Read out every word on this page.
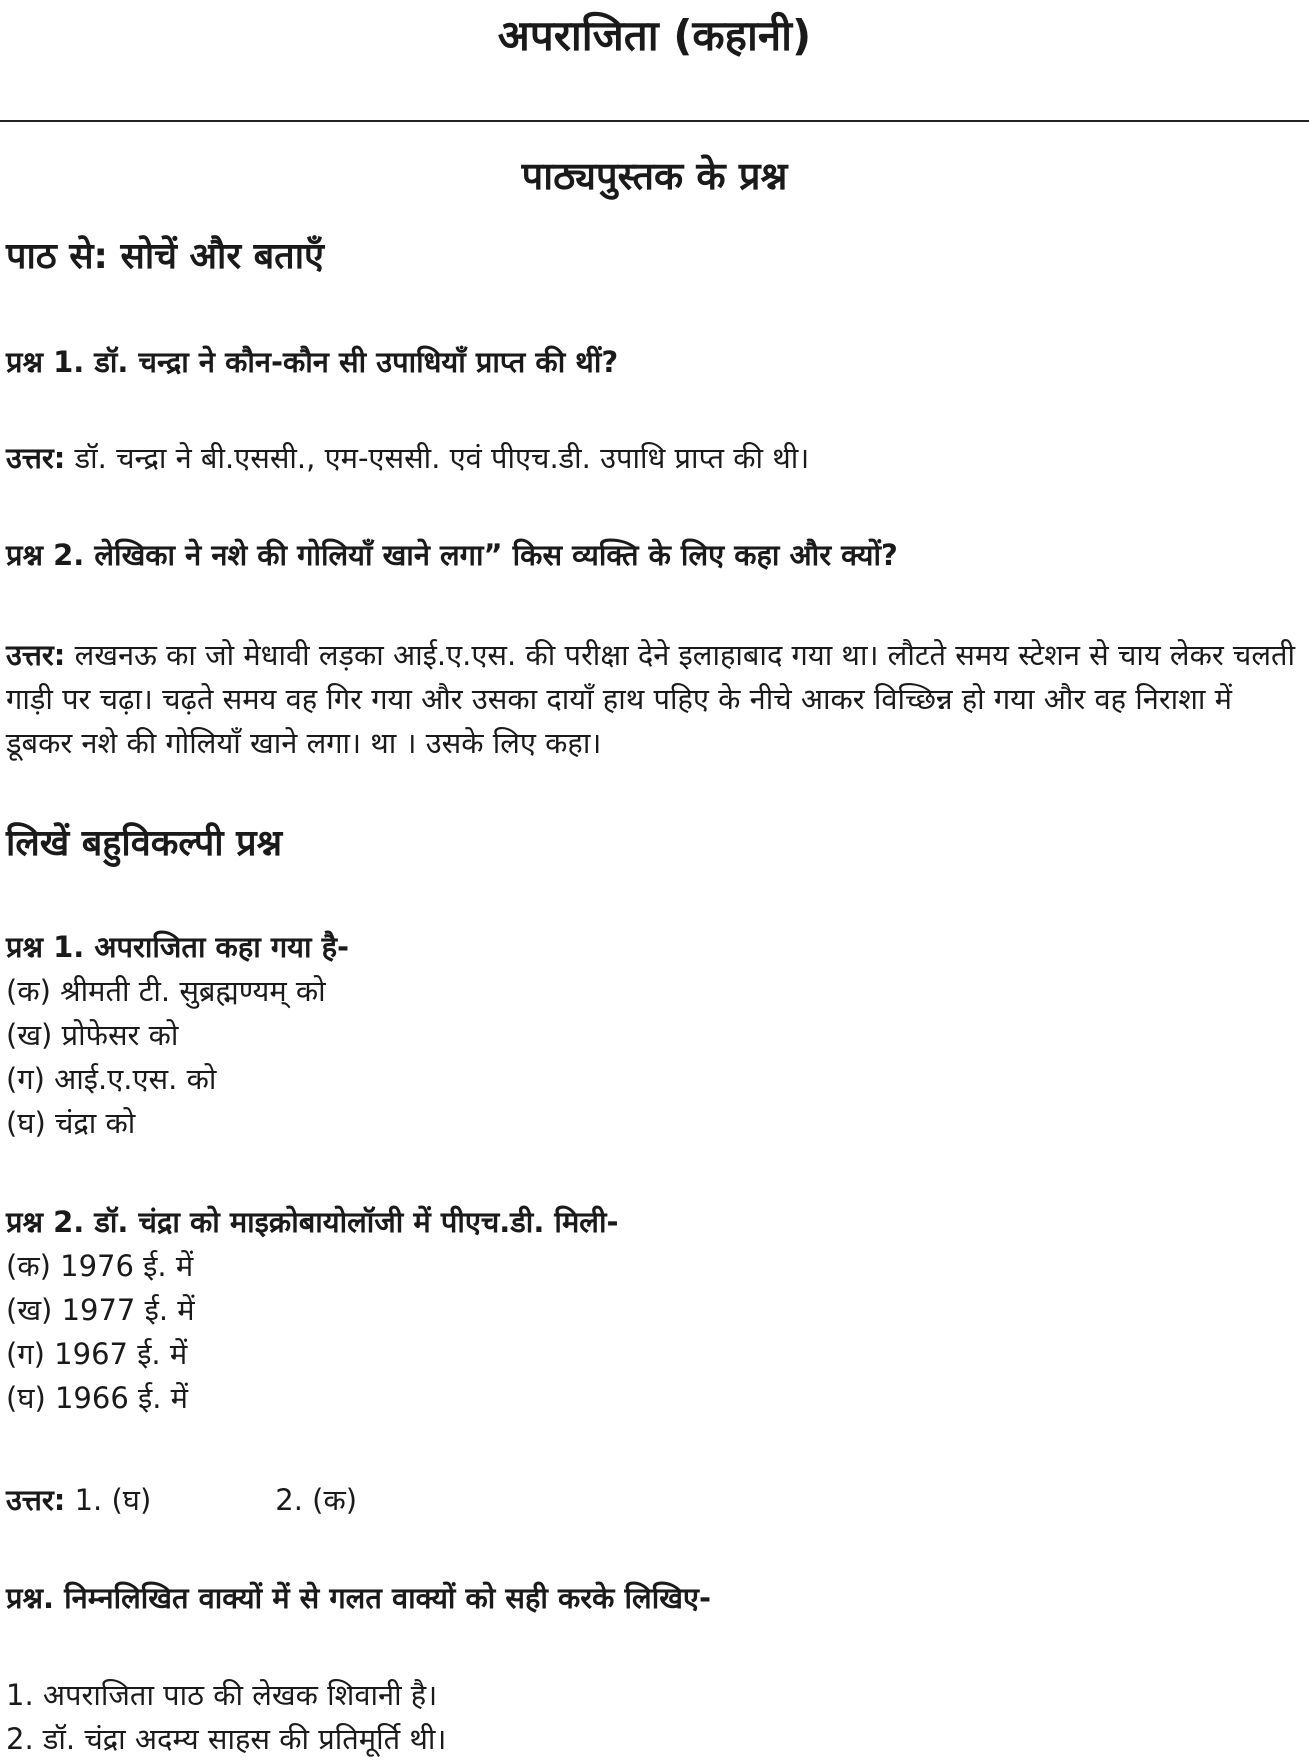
अपराजिता (कहानी)
पाठ्यपुस्तक के प्रश्न
पाठ से: सोचें और बताएँ
प्रश्न 1. डॉ. चन्द्रा ने कौन-कौन सी उपाधियाँ प्राप्त की थीं?
उत्तर: डॉ. चन्द्रा ने बी.एससी., एम-एससी. एवं पीएच.डी. उपाधि प्राप्त की थी।
प्रश्न 2. लेखिका ने नशे की गोलियाँ खाने लगा” किस व्यक्ति के लिए कहा और क्यों?
उत्तर: लखनऊ का जो मेधावी लड़का आई.ए.एस. की परीक्षा देने इलाहाबाद गया था। लौटते समय स्टेशन से चाय लेकर चलती गाड़ी पर चढ़ा। चढ़ते समय वह गिर गया और उसका दायाँ हाथ पहिए के नीचे आकर विच्छिन्न हो गया और वह निराशा में डूबकर नशे की गोलियाँ खाने लगा। था । उसके लिए कहा।
लिखें बहुविकल्पी प्रश्न
प्रश्न 1. अपराजिता कहा गया है-
(क) श्रीमती टी. सुब्रह्मण्यम् को
(ख) प्रोफेसर को
(ग) आई.ए.एस. को
(घ) चंद्रा को
प्रश्न 2. डॉ. चंद्रा को माइक्रोबायोलॉजी में पीएच.डी. मिली-
(क) 1976 ई. में
(ख) 1977 ई. में
(ग) 1967 ई. में
(घ) 1966 ई. में
उत्तर: 1. (घ)	2. (क)
प्रश्न. निम्नलिखित वाक्यों में से गलत वाक्यों को सही करके लिखिए-
1. अपराजिता पाठ की लेखक शिवानी है।
2. डॉ. चंद्रा अदम्य साहस की प्रतिमूर्ति थी।
